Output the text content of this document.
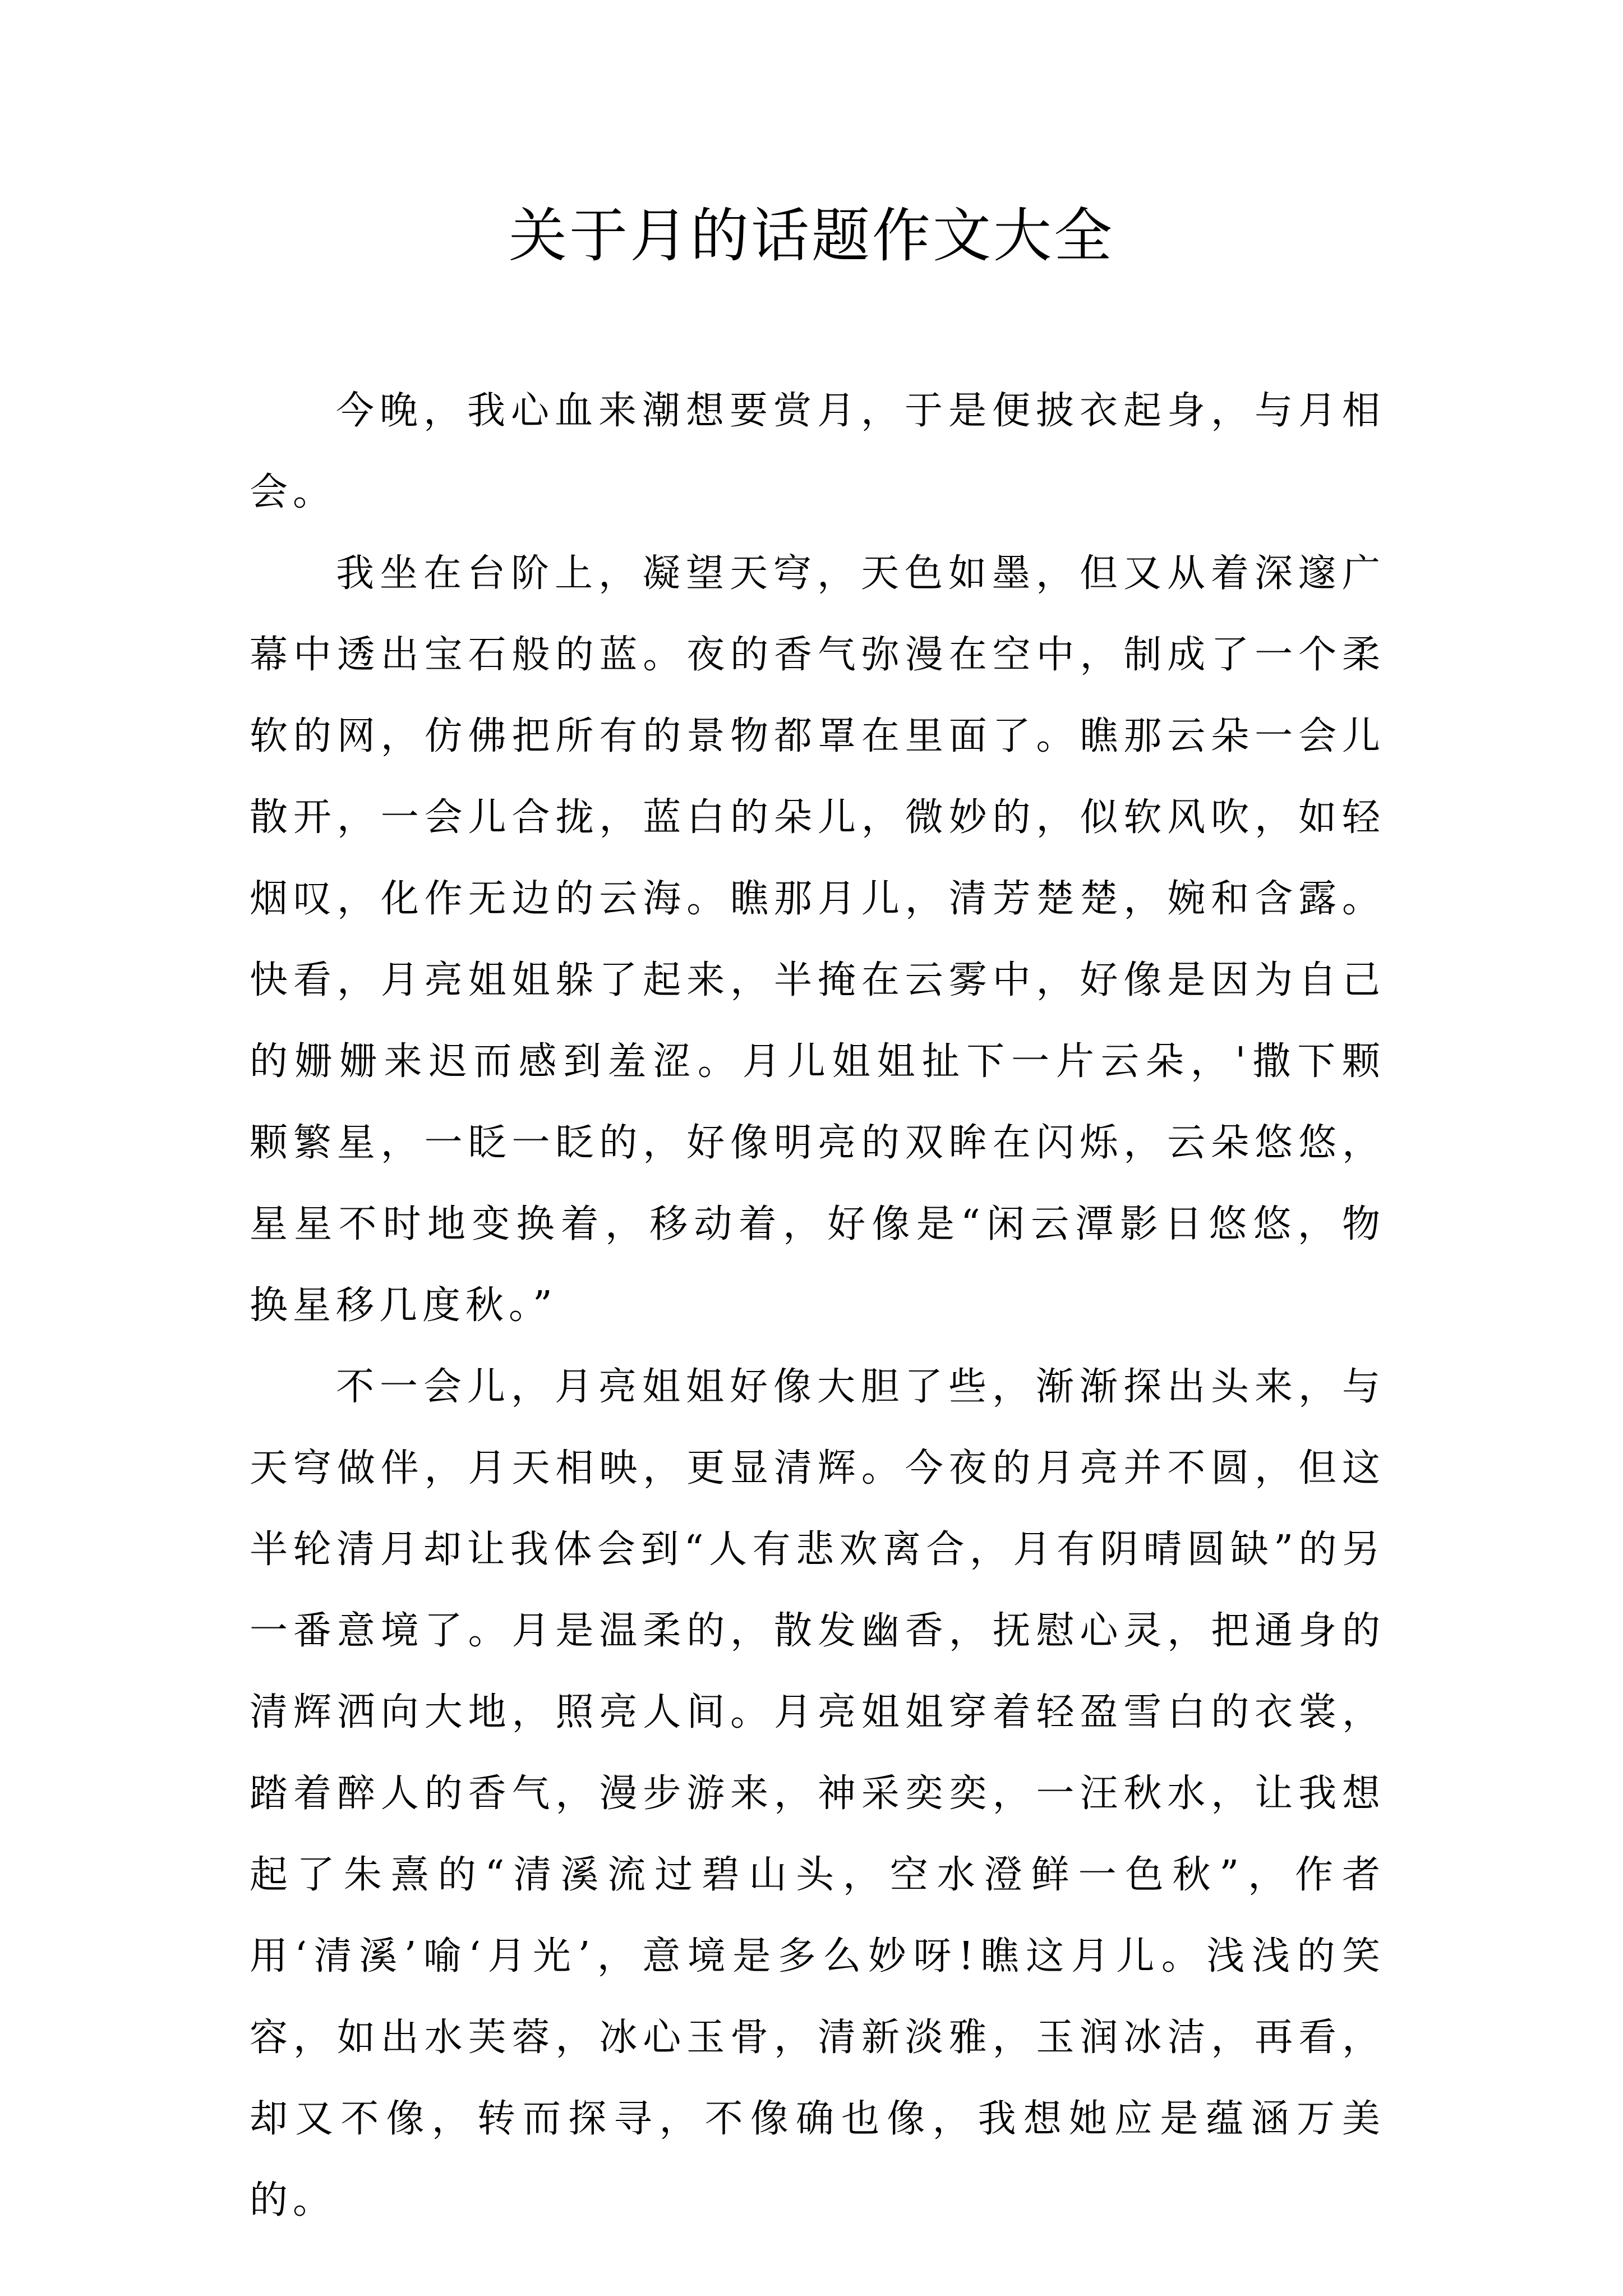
关于月的话题作文大全

今晚，我心血来潮想要赏月，于是便披衣起身，与月相会。

我坐在台阶上，凝望天穹，天色如墨，但又从着深邃广幕中透出宝石般的蓝。夜的香气弥漫在空中，制成了一个柔软的网，仿佛把所有的景物都罩在里面了。瞧那云朵一会儿散开，一会儿合拢，蓝白的朵儿，微妙的，似软风吹，如轻烟叹，化作无边的云海。瞧那月儿，清芳楚楚，婉和含露。快看，月亮姐姐躲了起来，半掩在云雾中，好像是因为自己的姗姗来迟而感到羞涩。月儿姐姐扯下一片云朵，'撒下颗颗繁星，一眨一眨的，好像明亮的双眸在闪烁，云朵悠悠，星星不时地变换着，移动着，好像是“闲云潭影日悠悠，物换星移几度秋。”

不一会儿，月亮姐姐好像大胆了些，渐渐探出头来，与天穹做伴，月天相映，更显清辉。今夜的月亮并不圆，但这半轮清月却让我体会到“人有悲欢离合，月有阴晴圆缺”的另一番意境了。月是温柔的，散发幽香，抚慰心灵，把通身的清辉洒向大地，照亮人间。月亮姐姐穿着轻盈雪白的衣裳，踏着醉人的香气，漫步游来，神采奕奕，一汪秋水，让我想起了朱熹的“清溪流过碧山头，空水澄鲜一色秋”，作者用‘清溪’喻‘月光’，意境是多么妙呀!瞧这月儿。浅浅的笑容，如出水芙蓉，冰心玉骨，清新淡雅，玉润冰洁，再看，却又不像，转而探寻，不像确也像，我想她应是蕴涵万美的。
